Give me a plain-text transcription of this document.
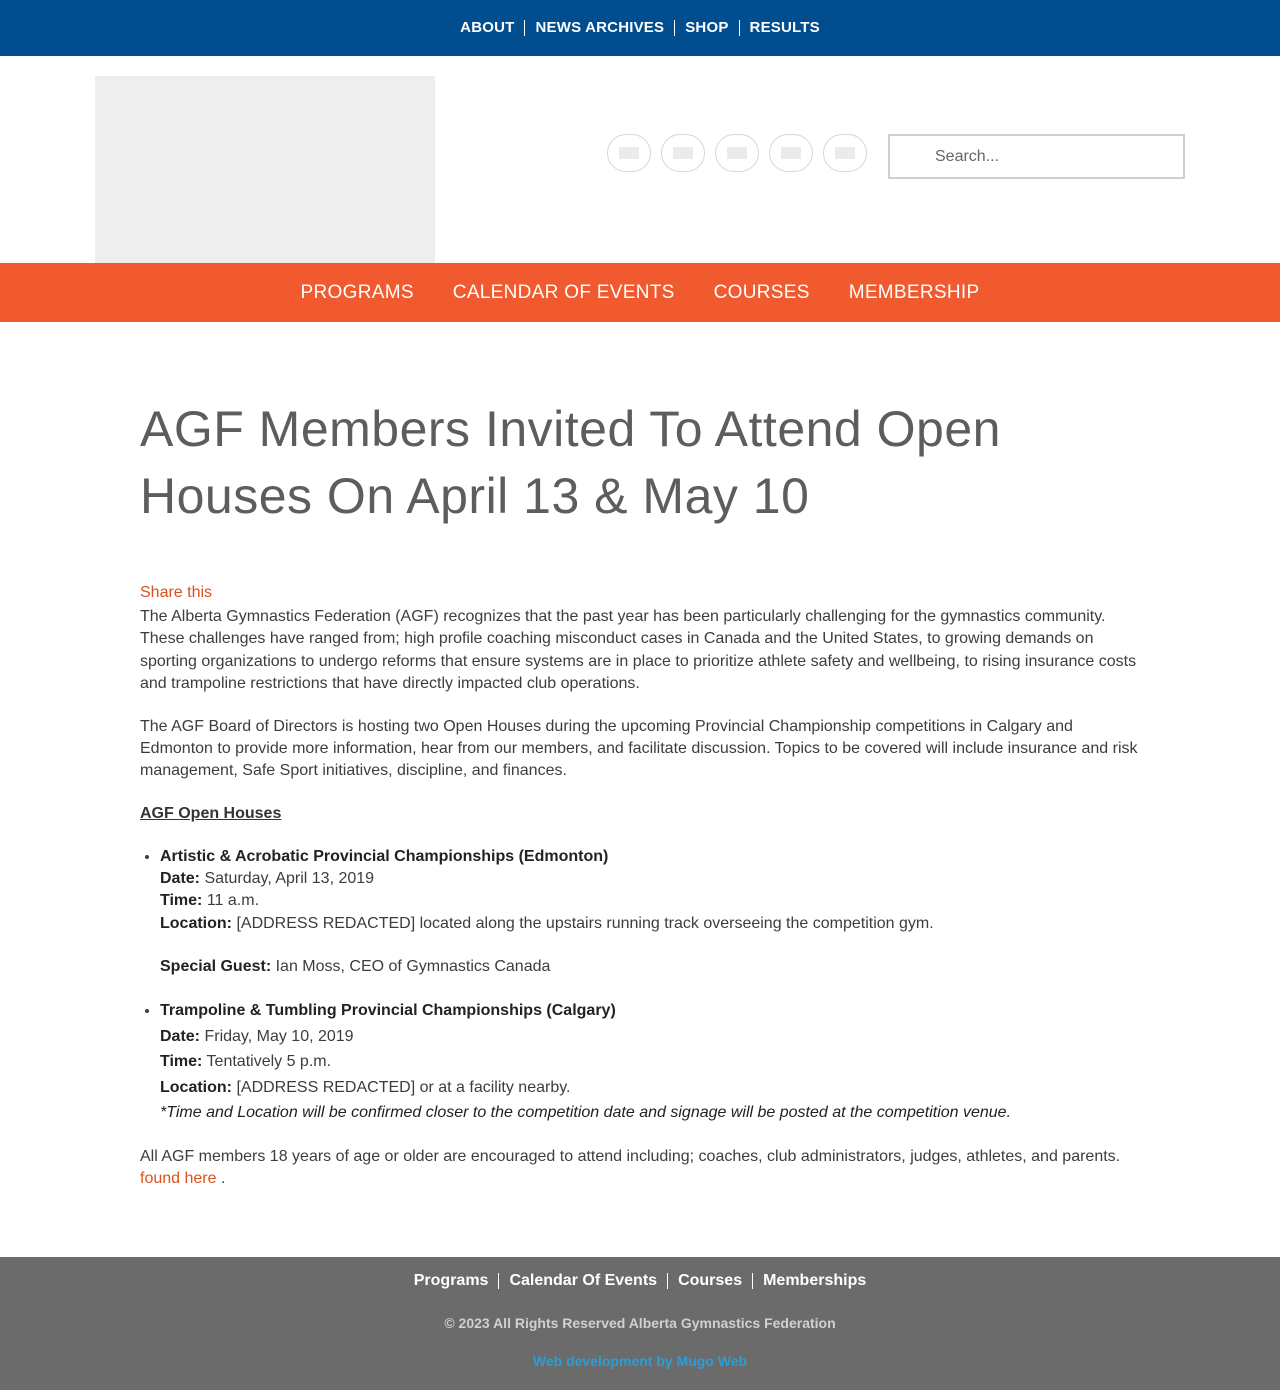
ABOUT	NEWS ARCHIVES	SHOP	RESULTS
Search...
PROGRAMS CALENDAR OF EVENTS COURSES MEMBERSHIP
AGF Members Invited To Attend Open Houses On April 13 & May 10
Share this

The Alberta Gymnastics Federation (AGF) recognizes that the past year has been particularly challenging for the gymnastics community. These challenges have ranged from; high profile coaching misconduct cases in Canada and the United States, to growing demands on sporting organizations to undergo reforms that ensure systems are in place to prioritize athlete safety and wellbeing, to rising insurance costs and trampoline restrictions that have directly impacted club operations.

The AGF Board of Directors is hosting two Open Houses during the upcoming Provincial Championship competitions in Calgary and Edmonton to provide more information, hear from our members, and facilitate discussion. Topics to be covered will include insurance and risk management, Safe Sport initiatives, discipline, and finances.

AGF Open Houses

• Artistic & Acrobatic Provincial Championships (Edmonton)
Date: Saturday, April 13, 2019
Time: 11 a.m.
Location: [ADDRESS REDACTED] located along the upstairs running track overseeing the competition gym.
Special Guest: Ian Moss, CEO of Gymnastics Canada
• Trampoline & Tumbling Provincial Championships (Calgary)
Date: Friday, May 10, 2019
Time: Tentatively 5 p.m.
Location: [ADDRESS REDACTED] or at a facility nearby.
*Time and Location will be confirmed closer to the competition date and signage will be posted at the competition venue.

All AGF members 18 years of age or older are encouraged to attend including; coaches, club administrators, judges, athletes, and parents. found here .

Programs	Calendar Of Events	Courses	Memberships
© 2023 All Rights Reserved Alberta Gymnastics Federation
Web development by Mugo Web
